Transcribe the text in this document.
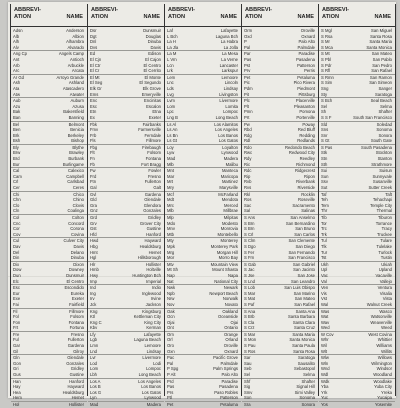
ABBREVI-
ATION	NAME
Adsn	Anderson
Alb	Albion
Alh	Alhambra
Alv	Alvarado
Ang Cp	Angels Camp
Ant	Antioch
Arb	Arbuckle
Arc	Arcata
Ar Gd	Arroyo Grande
Ash	Ashland
Ata	Atascadero
Atw	Atwater
Aub	Auburn
Azu	Azusa
Bak	Bakersfield
Ban	Banning
Bel	Belmont
Ben	Benicia
Brk	Berkeley
Bsh	Bishop
Bly	Blythe
Brw	Brawley
Brd	Burbank
Bur	Burlingame
Cal	Calexico
Cam	Campbell
Crl	Carlsbad
Cer	Ceres
Chi	Chico
Chn	Chino
Clo	Clovis
Cln	Coalinga
Col	Colton
Cnc	Concord
Cor	Corona
Cov	Covina
Cul	Culver City
Dav	Davis
Del	Delano
Din	Dinuba
Dix	Dixon
Dow	Downey
Dun	Dunsmuir
Elc	El Centro
Esc	Escondido
Eur	Eureka
Exe	Exeter
Fai	Fairfield
Fil	Fillmore
Fol	Folsom
Fon	Fontana
Frt	Fortuna
Fre	Fresno
Ful	Fullerton
Gar	Gardena
Gil	Gilroy
Gln	Glendale
Gon	Gonzales
Gri	Gridley
Gus	Gustine
Han	Hanford
Hay	Hayward
Hea	Healdsburg
Hem	Hemet
Hol	Hollister
ABBREVI-
ATION	NAME
Dsr	Dunsmuir
Dgt	Douglas
Dnl	Dinuba
Dvs	Davis
Ed	Edison
El Cjn	El Cajon
El Ctr	El Centro
El Cr	El Cerrito
El Mt	El Monte
El Seg	El Segundo
Elk Gr	Elk Grove
Ems	Emeryville
Enc	Encinitas
Esc	Escalon
Etn	Etna
Ex	Exeter
Fbk	Fairbanks
Fmv	Farmersville
Frb	Ferndale
Fls	Fillmore
Fbg	Firebaugh
Flt	Folsom
Fn	Fontana
Fb	Fort Bragg
Fw	Fowler
Frd	Fresno
Ftn	Fullerton
Gal	Galt
Gvl	Gardena
Gld	Glendale
Gra	Glendora
Gnz	Gonzales
Grd	Gridley
Grv	Grover City
Gst	Gustine
Hfd	Hanford
Hwd	Hayward
Hbg	Healdsburg
Hmt	Hemet
Hgl	Hillsborough
Hlr	Hollister
Hmb	Holtville
Hwy	Huntington Bch
Imp	Imperial
Ind	Indio
Ing	Inglewood
Irv	Irvine
Jck	Jackson
Kng	Kingsburg
Ktl	Kettleman City
Kng C	King City
Kbv	Kerman
Lfy	Lafayette
Lgb	Laguna Beach
Lmn	Lemoore
Lnd	Lindsay
Lvr	Livermore
Lod	Lodi
Lom	Lompoc
Lbh	Long Beach
Los A	Los Angeles
Los B	Los Banos
Los G	Los Gatos
Lyn	Lynwood
Mad	Madera
ABBREVI-
ATION	NAME
Laf	Lafayette
L Bch	Laguna Bch
La H	La Habra
La Jla	La Jolla
La M	La Mesa
L Vrn	La Verne
Lcn	Lancaster
Lrk	Larkspur
Lem	Lemoore
Lnc	Lincoln
Lds	Lindsay
Lvg	Livingston
Lvm	Livermore
Lom	Lomita
Lpc	Lompoc
Lng B	Long Beach
Ls Al	Los Alamitos
Ls An	Los Angeles
Ls Bn	Los Banos
Ls Gt	Los Gatos
Loy	Loyalton
Lyw	Lynwood
Mad	Madera
Mlb	Malibu
Mnt	Manteca
Mar	Maricopa
Mrt	Martinez
Mry	Marysville
Mcf	McFarland
Mdt	Mendota
Mrc	Merced
Mlb	Millbrae
Mlp	Milpitas
Mdo	Modesto
Mnv	Monrovia
Mtb	Montebello
Mty	Monterey
Mpk	Monterey Park
Mrg	Morgan Hill
Mor	Morro Bay
Mtv	Mountain View
Mt Sh	Mount Shasta
Nap	Napa
Nat	National City
Nwk	Newark
Npb	Newport Beach
Nrw	Norwalk
Nov	Novato
Oak	Oakland
Ocn	Oceanside
Ojai	Ojai
Ont	Ontario
Orn	Orange
Orl	Orland
Oro	Oroville
Oxn	Oxnard
Pac	Pacific Grove
Pal	Palmdale
P Spg	Palm Springs
P Alt	Palo Alto
Prd	Paradise
Pas	Pasadena
Prs	Paso Robles
Ptl	Patterson
Pet	Petaluma
ABBREVI-
ATION	NAME
Orm	Oroville
Oxd	Oxnard
P	Palo Alto
Pal	Palmdale
Par	Paradise
Pas	Pasadena
Pst	Patterson
Prv	Perris
Pet	Petaluma
Pic	Pico Rivera
Pdm	Piedmont
Pit	Pittsburg
Plc	Placerville
Plt	Pleasanton
Pmn	Pomona
Prt	Porterville
Pw	Poway
Rbd	Red Bluff
Rdg	Redding
Rdl	Redlands
Rdo	Redondo Beach
Rwc	Redwood City
Rdy	Reedley
Ric	Richmond
Rdc	Ridgecrest
Rip	Ripon
Rvb	Riverbank
Rvs	Riverside
Rkl	Rocklin
Ros	Roseville
Sac	Sacramento
Sal	Salinas
S Ans	San Anselmo
S Brn	San Bernardino
S Brn	San Bruno
S Crl	San Carlos
S Clm	San Clemente
S Dgo	San Diego
S Fer	San Fernando
S Frn	San Francisco
S Gab	San Gabriel
S Jac	San Jacinto
S Jse	San Jose
S Lnd	San Leandro
S Lob	San Luis Obispo
S Mar	San Marino
S Mat	San Mateo
S Paf	San Rafael
S Ana	Santa Ana
S Brb	Santa Barbara
S Cla	Santa Clara
S Crz	Santa Cruz
S Mar	Santa Maria
S Mon	Santa Monica
S Pau	Santa Paula
S Ros	Santa Rosa
Sar	Saratoga
Sau	Sausalito
Seb	Sebastopol
Sel	Selma
Shf	Shafter
Sig	Signal Hill
Smv	Simi Valley
Son	Sonoma
Sra	Sonora
ABBREVI-
ATION	NAME
S Mgl	San Miguel
S Rsa	Santa Rosa
S Mr	Santa Maria
S Mca	Santa Monica
S Mt	San Mateo
S Pbl	San Pablo
S Pdr	San Pedro
S Rfl	San Rafael
S Rmn	San Ramon
S Sim	San Simeon
Sng	Sanger
Sty	Saratoga
S Bch	Seal Beach
Sel	Selma
Sh	Shafter
S S F	South San Francisco
Sld	Soledad
Sns	Sonoma
Snr	Sonora
S Gt	South Gate
S Pas	South Pasadena
Stk	Stockton
Stn	Stanton
Sth	Strathmore
Sui	Suisun
Sun	Sunnyvale
Ssv	Susanville
Sut	Sutter Creek
Taf	Taft
Teh	Tehachapi
Tem	Temple City
Thr	Thermal
Tib	Tiburon
Tor	Torrance
Trc	Tracy
Trk	Truckee
Tul	Tulare
Tlk	Tulelake
Tur	Turlock
Tst	Tustin
Ukh	Ukiah
Upl	Upland
Vac	Vacaville
Val	Vallejo
Ven	Ventura
Vis	Visalia
Vst	Vista
Wal	Walnut Creek
Was	Wasco
Wat	Watsonville
Wav	Weaverville
Wed	Weed
W Cov	West Covina
Whr	Whittier
Wil	Williams
Wlt	Willits
Wlw	Willows
Wln	Wilmington
Wnd	Windsor
Wdl	Woodland
Wdk	Woodlake
Yba	Yuba City
Yrk	Yreka
Yuc	Yucaipa
Yos	Yosemite
